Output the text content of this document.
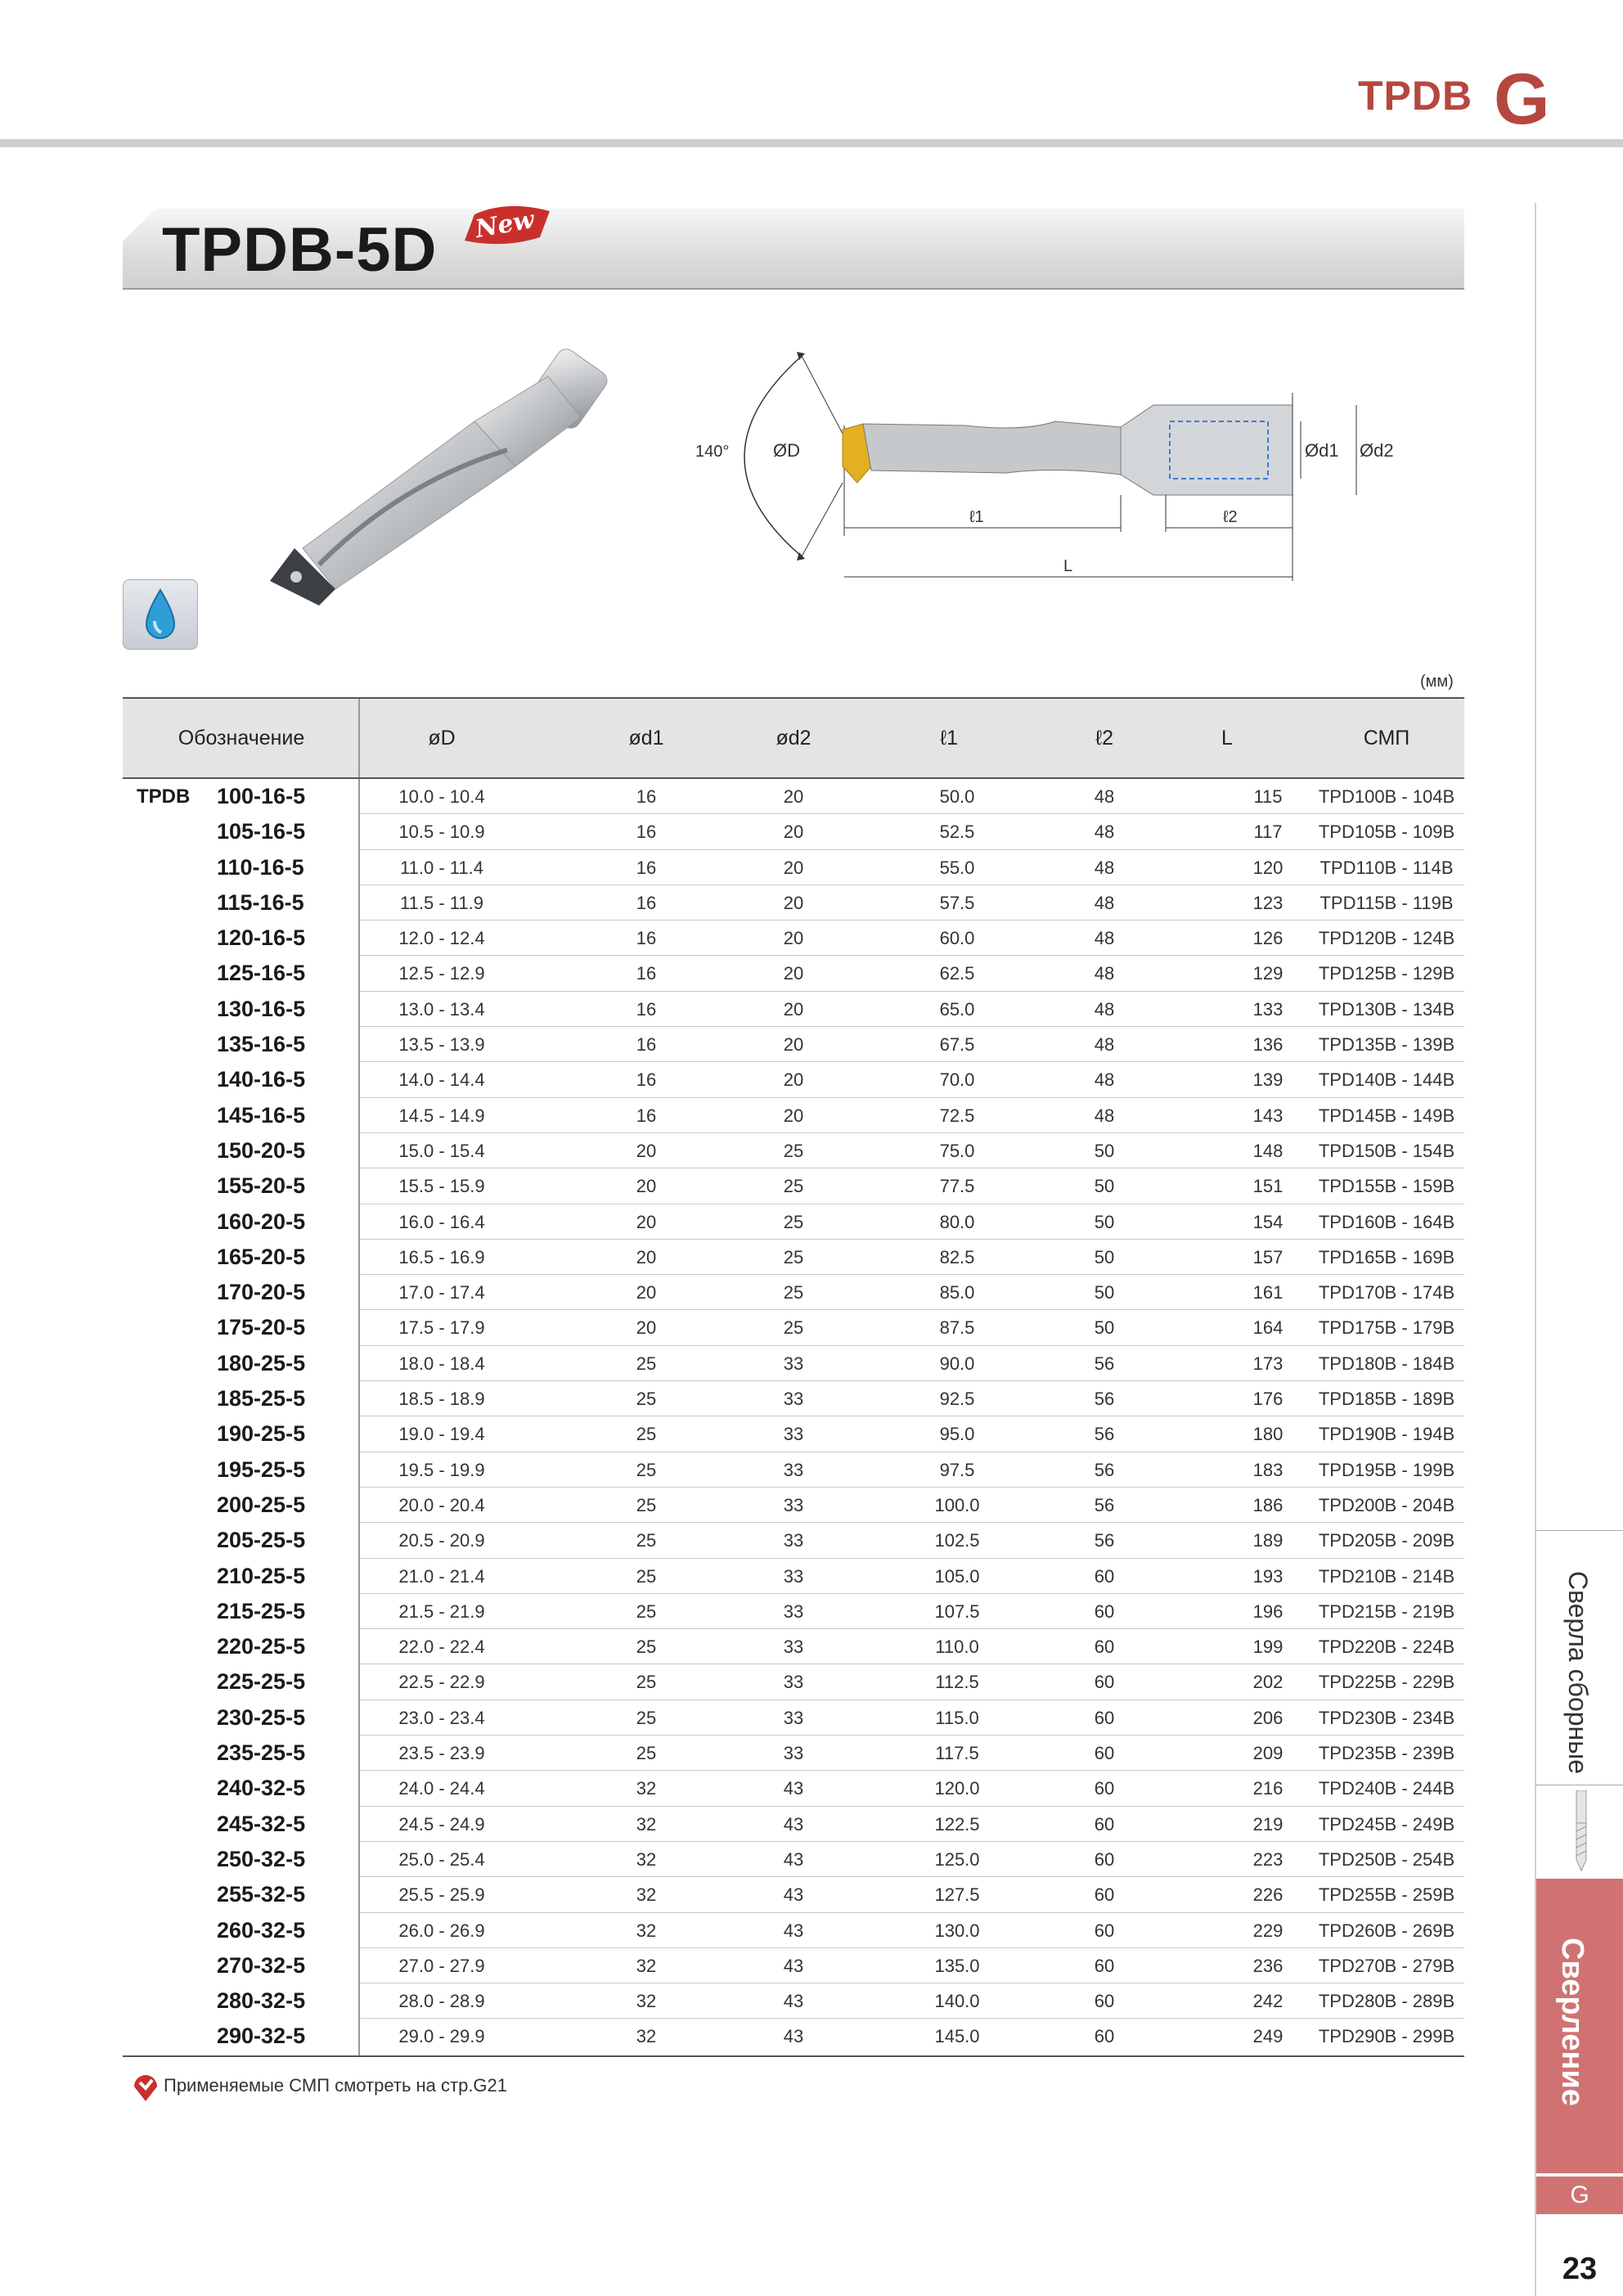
TPDB G
TPDB-5D New
140° ØD
ℓ1	ℓ2
L
Ød1 Ød2
(мм)
Обозначение	øD	ød1	ød2	ℓ1	ℓ2	L	СМП
TPDB 100-16-5	10.0 - 10.4	16	20	50.0	48	115	TPD100B - 104B
105-16-5	10.5 - 10.9	16	20	52.5	48	117	TPD105B - 109B
110-16-5	11.0 - 11.4	16	20	55.0	48	120	TPD110B - 114B
115-16-5	11.5 - 11.9	16	20	57.5	48	123	TPD115B - 119B
120-16-5	12.0 - 12.4	16	20	60.0	48	126	TPD120B - 124B
125-16-5	12.5 - 12.9	16	20	62.5	48	129	TPD125B - 129B
130-16-5	13.0 - 13.4	16	20	65.0	48	133	TPD130B - 134B
135-16-5	13.5 - 13.9	16	20	67.5	48	136	TPD135B - 139B
140-16-5	14.0 - 14.4	16	20	70.0	48	139	TPD140B - 144B
145-16-5	14.5 - 14.9	16	20	72.5	48	143	TPD145B - 149B
150-20-5	15.0 - 15.4	20	25	75.0	50	148	TPD150B - 154B
155-20-5	15.5 - 15.9	20	25	77.5	50	151	TPD155B - 159B
160-20-5	16.0 - 16.4	20	25	80.0	50	154	TPD160B - 164B
165-20-5	16.5 - 16.9	20	25	82.5	50	157	TPD165B - 169B
170-20-5	17.0 - 17.4	20	25	85.0	50	161	TPD170B - 174B
175-20-5	17.5 - 17.9	20	25	87.5	50	164	TPD175B - 179B
180-25-5	18.0 - 18.4	25	33	90.0	56	173	TPD180B - 184B
185-25-5	18.5 - 18.9	25	33	92.5	56	176	TPD185B - 189B
190-25-5	19.0 - 19.4	25	33	95.0	56	180	TPD190B - 194B
195-25-5	19.5 - 19.9	25	33	97.5	56	183	TPD195B - 199B
200-25-5	20.0 - 20.4	25	33	100.0	56	186	TPD200B - 204B
205-25-5	20.5 - 20.9	25	33	102.5	56	189	TPD205B - 209B
210-25-5	21.0 - 21.4	25	33	105.0	60	193	TPD210B - 214B
215-25-5	21.5 - 21.9	25	33	107.5	60	196	TPD215B - 219B
220-25-5	22.0 - 22.4	25	33	110.0	60	199	TPD220B - 224B
225-25-5	22.5 - 22.9	25	33	112.5	60	202	TPD225B - 229B
230-25-5	23.0 - 23.4	25	33	115.0	60	206	TPD230B - 234B
235-25-5	23.5 - 23.9	25	33	117.5	60	209	TPD235B - 239B
240-32-5	24.0 - 24.4	32	43	120.0	60	216	TPD240B - 244B
245-32-5	24.5 - 24.9	32	43	122.5	60	219	TPD245B - 249B
250-32-5	25.0 - 25.4	32	43	125.0	60	223	TPD250B - 254B
255-32-5	25.5 - 25.9	32	43	127.5	60	226	TPD255B - 259B
260-32-5	26.0 - 26.9	32	43	130.0	60	229	TPD260B - 269B
270-32-5	27.0 - 27.9	32	43	135.0	60	236	TPD270B - 279B
280-32-5	28.0 - 28.9	32	43	140.0	60	242	TPD280B - 289B
290-32-5	29.0 - 29.9	32	43	145.0	60	249	TPD290B - 299B
Применяемые СМП смотреть на стр.G21
Сверла сборные
Сверление
G
23
